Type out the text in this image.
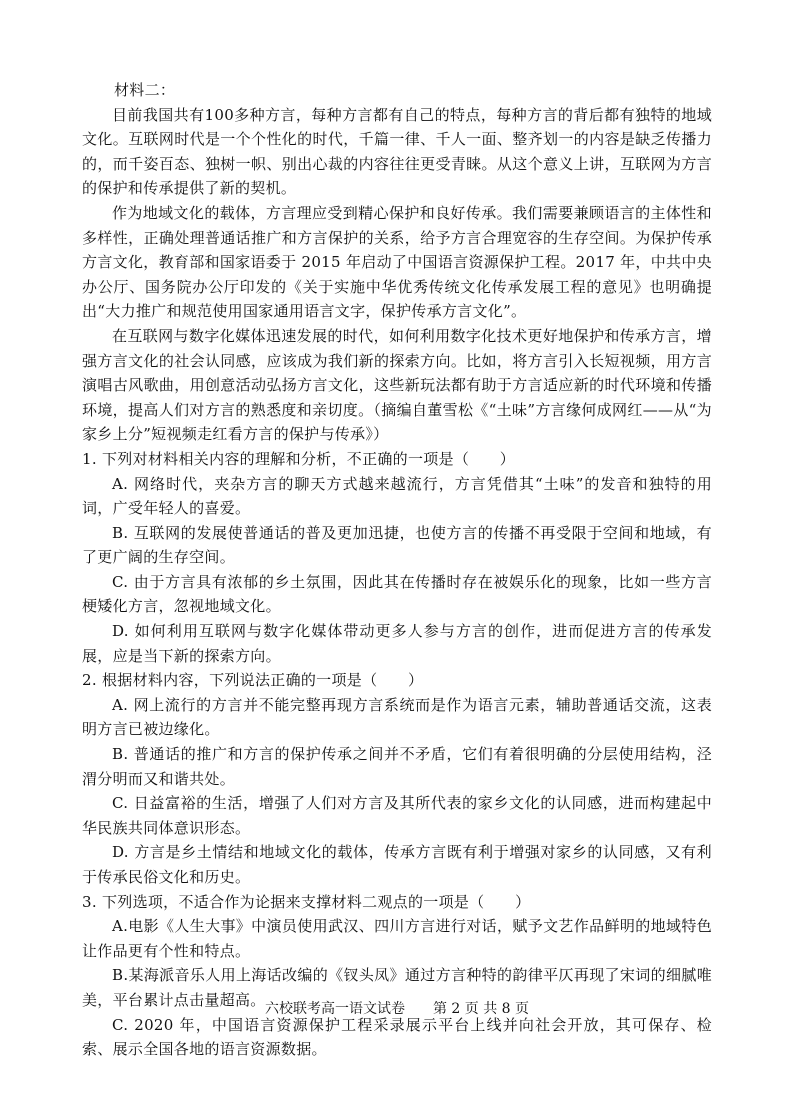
材料二：

目前我国共有100多种方言，每种方言都有自己的特点，每种方言的背后都有独特的地域文化。互联网时代是一个个性化的时代，千篇一律、千人一面、整齐划一的内容是缺乏传播力的，而千姿百态、独树一帜、别出心裁的内容往往更受青睐。从这个意义上讲，互联网为方言的保护和传承提供了新的契机。

作为地域文化的载体，方言理应受到精心保护和良好传承。我们需要兼顾语言的主体性和多样性，正确处理普通话推广和方言保护的关系，给予方言合理宽容的生存空间。为保护传承方言文化，教育部和国家语委于 2015 年启动了中国语言资源保护工程。2017 年，中共中央办公厅、国务院办公厅印发的《关于实施中华优秀传统文化传承发展工程的意见》也明确提出“大力推广和规范使用国家通用语言文字，保护传承方言文化”。

在互联网与数字化媒体迅速发展的时代，如何利用数字化技术更好地保护和传承方言，增强方言文化的社会认同感，应该成为我们新的探索方向。比如，将方言引入长短视频，用方言演唱古风歌曲，用创意活动弘扬方言文化，这些新玩法都有助于方言适应新的时代环境和传播环境，提高人们对方言的熟悉度和亲切度。（摘编自董雪松《“土味”方言缘何成网红——从“为家乡上分”短视频走红看方言的保护与传承》）

1. 下列对材料相关内容的理解和分析，不正确的一项是（　　）

A. 网络时代，夹杂方言的聊天方式越来越流行，方言凭借其“土味”的发音和独特的用词，广受年轻人的喜爱。

B. 互联网的发展使普通话的普及更加迅捷，也使方言的传播不再受限于空间和地域，有了更广阔的生存空间。

C. 由于方言具有浓郁的乡土氛围，因此其在传播时存在被娱乐化的现象，比如一些方言梗矮化方言，忽视地域文化。

D. 如何利用互联网与数字化媒体带动更多人参与方言的创作，进而促进方言的传承发展，应是当下新的探索方向。

2. 根据材料内容，下列说法正确的一项是（　　）

A. 网上流行的方言并不能完整再现方言系统而是作为语言元素，辅助普通话交流，这表明方言已被边缘化。

B. 普通话的推广和方言的保护传承之间并不矛盾，它们有着很明确的分层使用结构，泾渭分明而又和谐共处。

C. 日益富裕的生活，增强了人们对方言及其所代表的家乡文化的认同感，进而构建起中华民族共同体意识形态。

D. 方言是乡土情结和地域文化的载体，传承方言既有利于增强对家乡的认同感，又有利于传承民俗文化和历史。

3. 下列选项，不适合作为论据来支撑材料二观点的一项是（　　）

A.电影《人生大事》中演员使用武汉、四川方言进行对话，赋予文艺作品鲜明的地域特色让作品更有个性和特点。

B.某海派音乐人用上海话改编的《钗头凤》通过方言种特的韵律平仄再现了宋词的细腻唯美，平台累计点击量超高。

C. 2020 年，中国语言资源保护工程采录展示平台上线并向社会开放，其可保存、检索、展示全国各地的语言资源数据。

六校联考高一语文试卷　　第 2 页 共 8 页
